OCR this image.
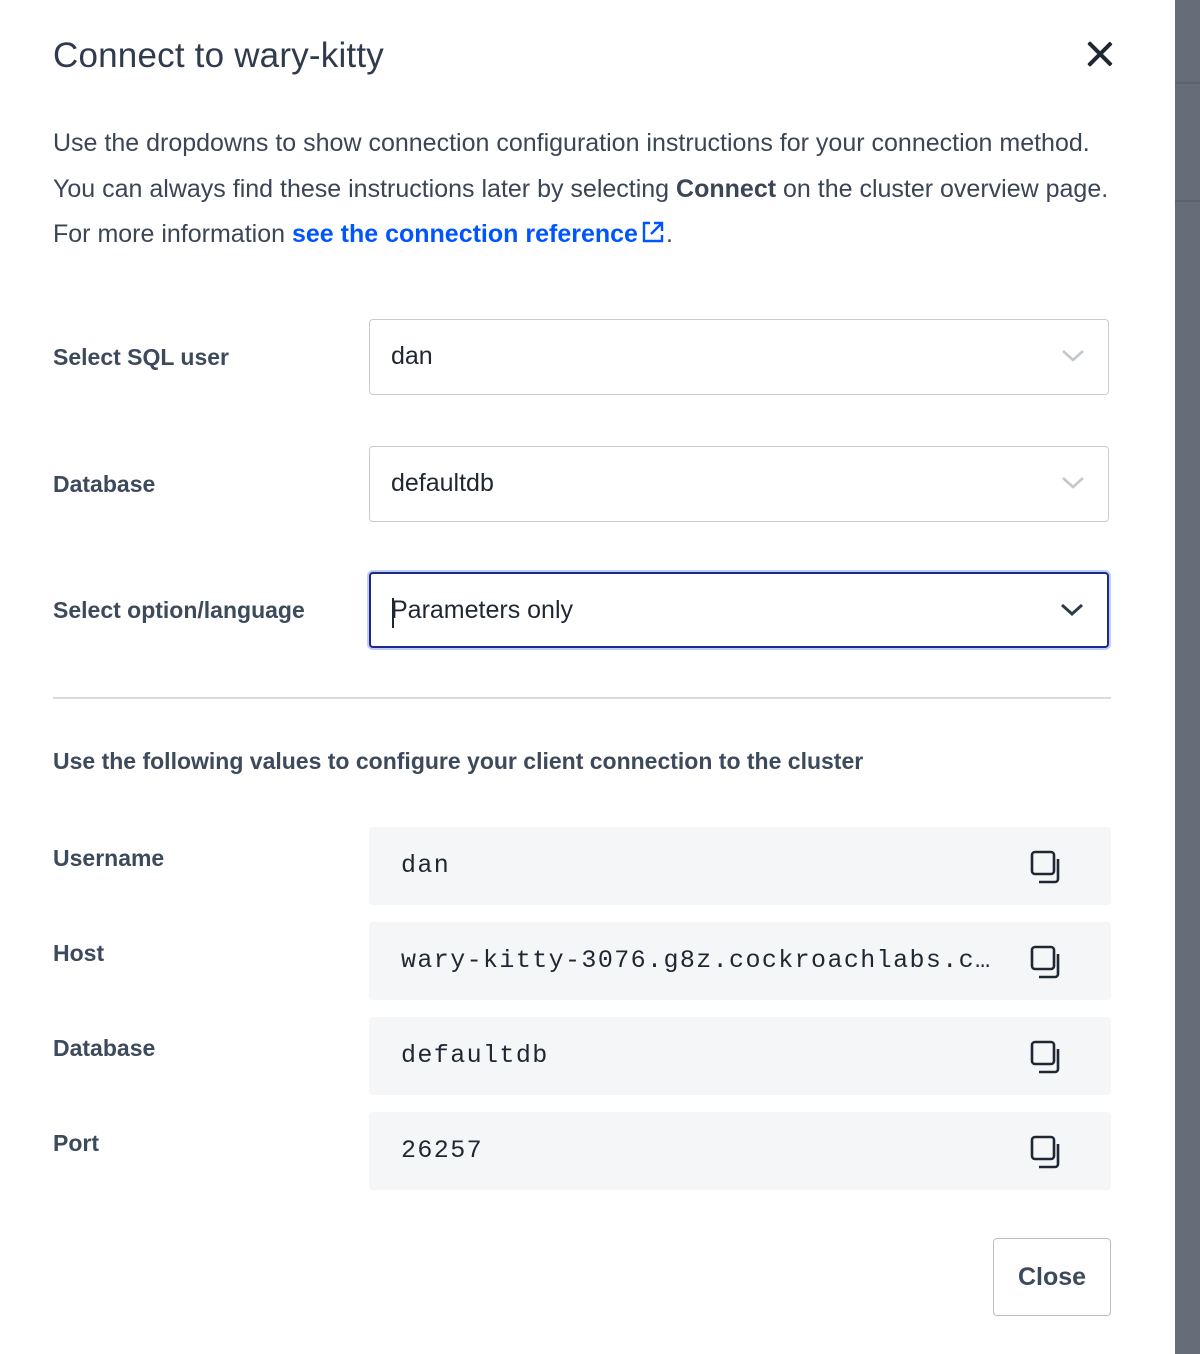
Connect to wary-kitty

Use the dropdowns to show connection configuration instructions for your connection method. You can always find these instructions later by selecting Connect on the cluster overview page. For more information see the connection reference .

Select SQL user	dan
Database	defaultdb
Select option/language	Parameters only
Use the following values to configure your client connection to the cluster
Username	dan
Host	wary-kitty-3076.g8z.cockroachlabs.c…
Database	defaultdb
Port	26257
Close
